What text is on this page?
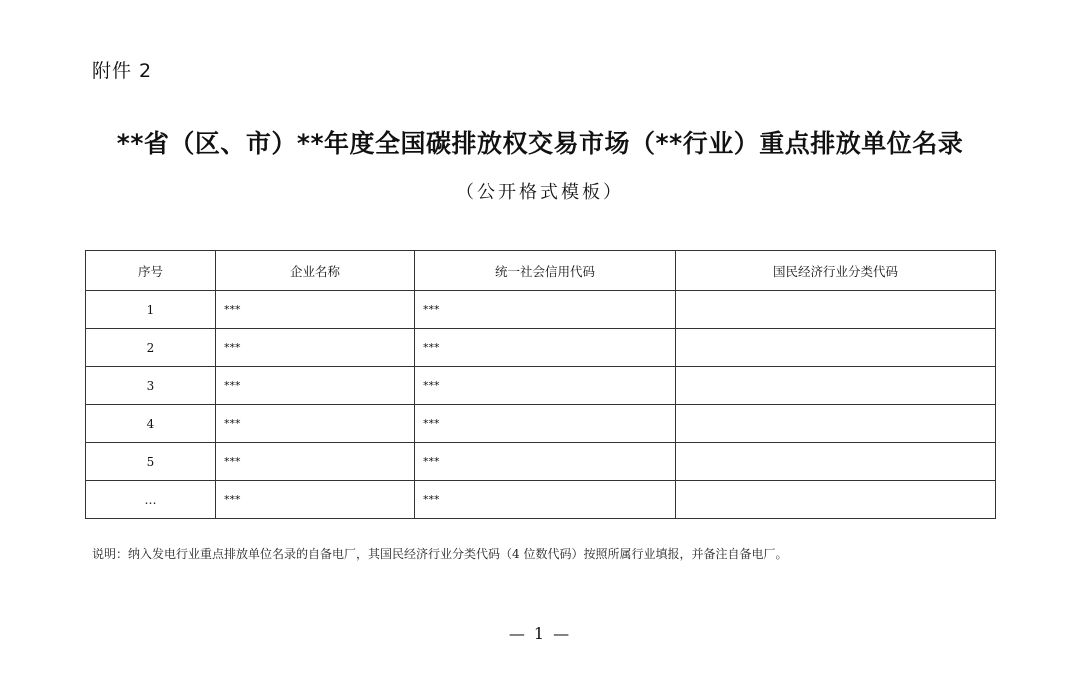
附件 2
**省（区、市）**年度全国碳排放权交易市场（**行业）重点排放单位名录
（公开格式模板）
序号	企业名称	统一社会信用代码	国民经济行业分类代码
1	***	***	
2	***	***	
3	***	***	
4	***	***	
5	***	***	
…	***	***	
说明：纳入发电行业重点排放单位名录的自备电厂，其国民经济行业分类代码（4 位数代码）按照所属行业填报，并备注自备电厂。
— 1 —
